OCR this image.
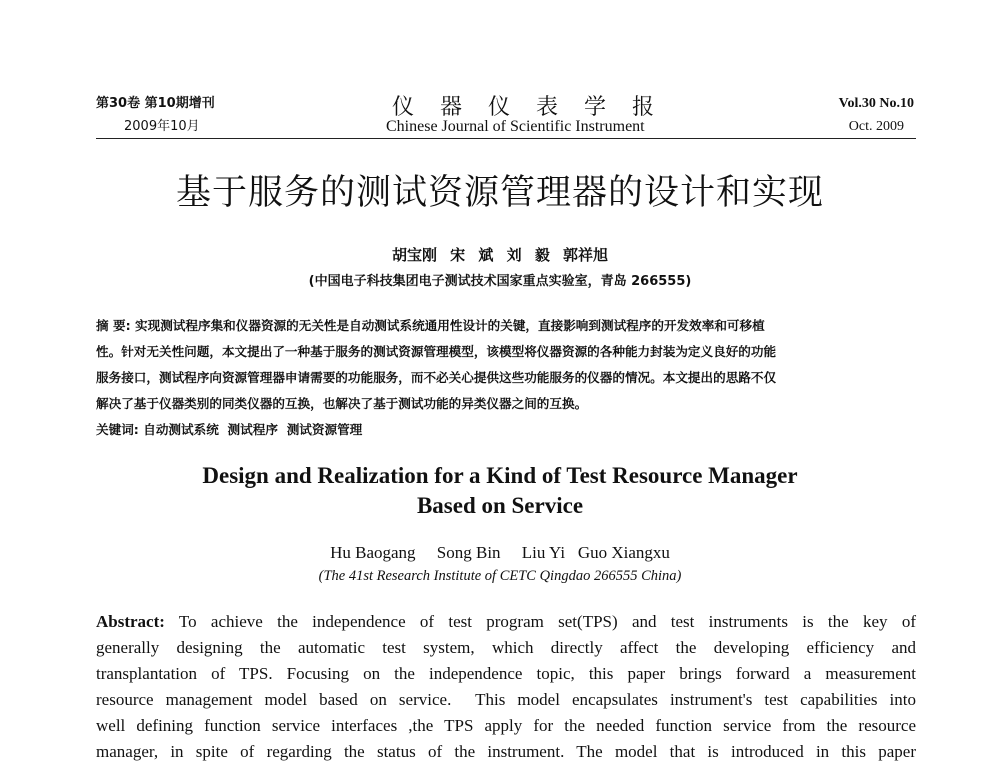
第30卷 第10期增刊
2009年10月
仪器仪表学报
Chinese Journal of Scientific Instrument
Vol.30 No.10
Oct. 2009
基于服务的测试资源管理器的设计和实现
胡宝刚 宋 斌 刘 毅 郭祥旭
(中国电子科技集团电子测试技术国家重点实验室，青岛 266555)
摘 要: 实现测试程序集和仪器资源的无关性是自动测试系统通用性设计的关键，直接影响到测试程序的开发效率和可移植
性。针对无关性问题，本文提出了一种基于服务的测试资源管理模型，该模型将仪器资源的各种能力封装为定义良好的功能
服务接口，测试程序向资源管理器申请需要的功能服务，而不必关心提供这些功能服务的仪器的情况。本文提出的思路不仅
解决了基于仪器类别的同类仪器的互换，也解决了基于测试功能的异类仪器之间的互换。
关键词: 自动测试系统  测试程序  测试资源管理
Design and Realization for a Kind of Test Resource Manager
Based on Service
Hu Baogang     Song Bin     Liu Yi   Guo Xiangxu
(The 41st Research Institute of CETC Qingdao 266555 China)
Abstract: To achieve the independence of test program set(TPS) and test instruments is the key of
generally designing the automatic test system, which directly affect the developing efficiency and
transplantation of TPS. Focusing on the independence topic, this paper brings forward a measurement
resource management model based on service.  This model encapsulates instrument's test capabilities into
well defining function service interfaces ,the TPS apply for the needed function service from the resource
manager, in spite of regarding the status of the instrument. The model that is introduced in this paper
